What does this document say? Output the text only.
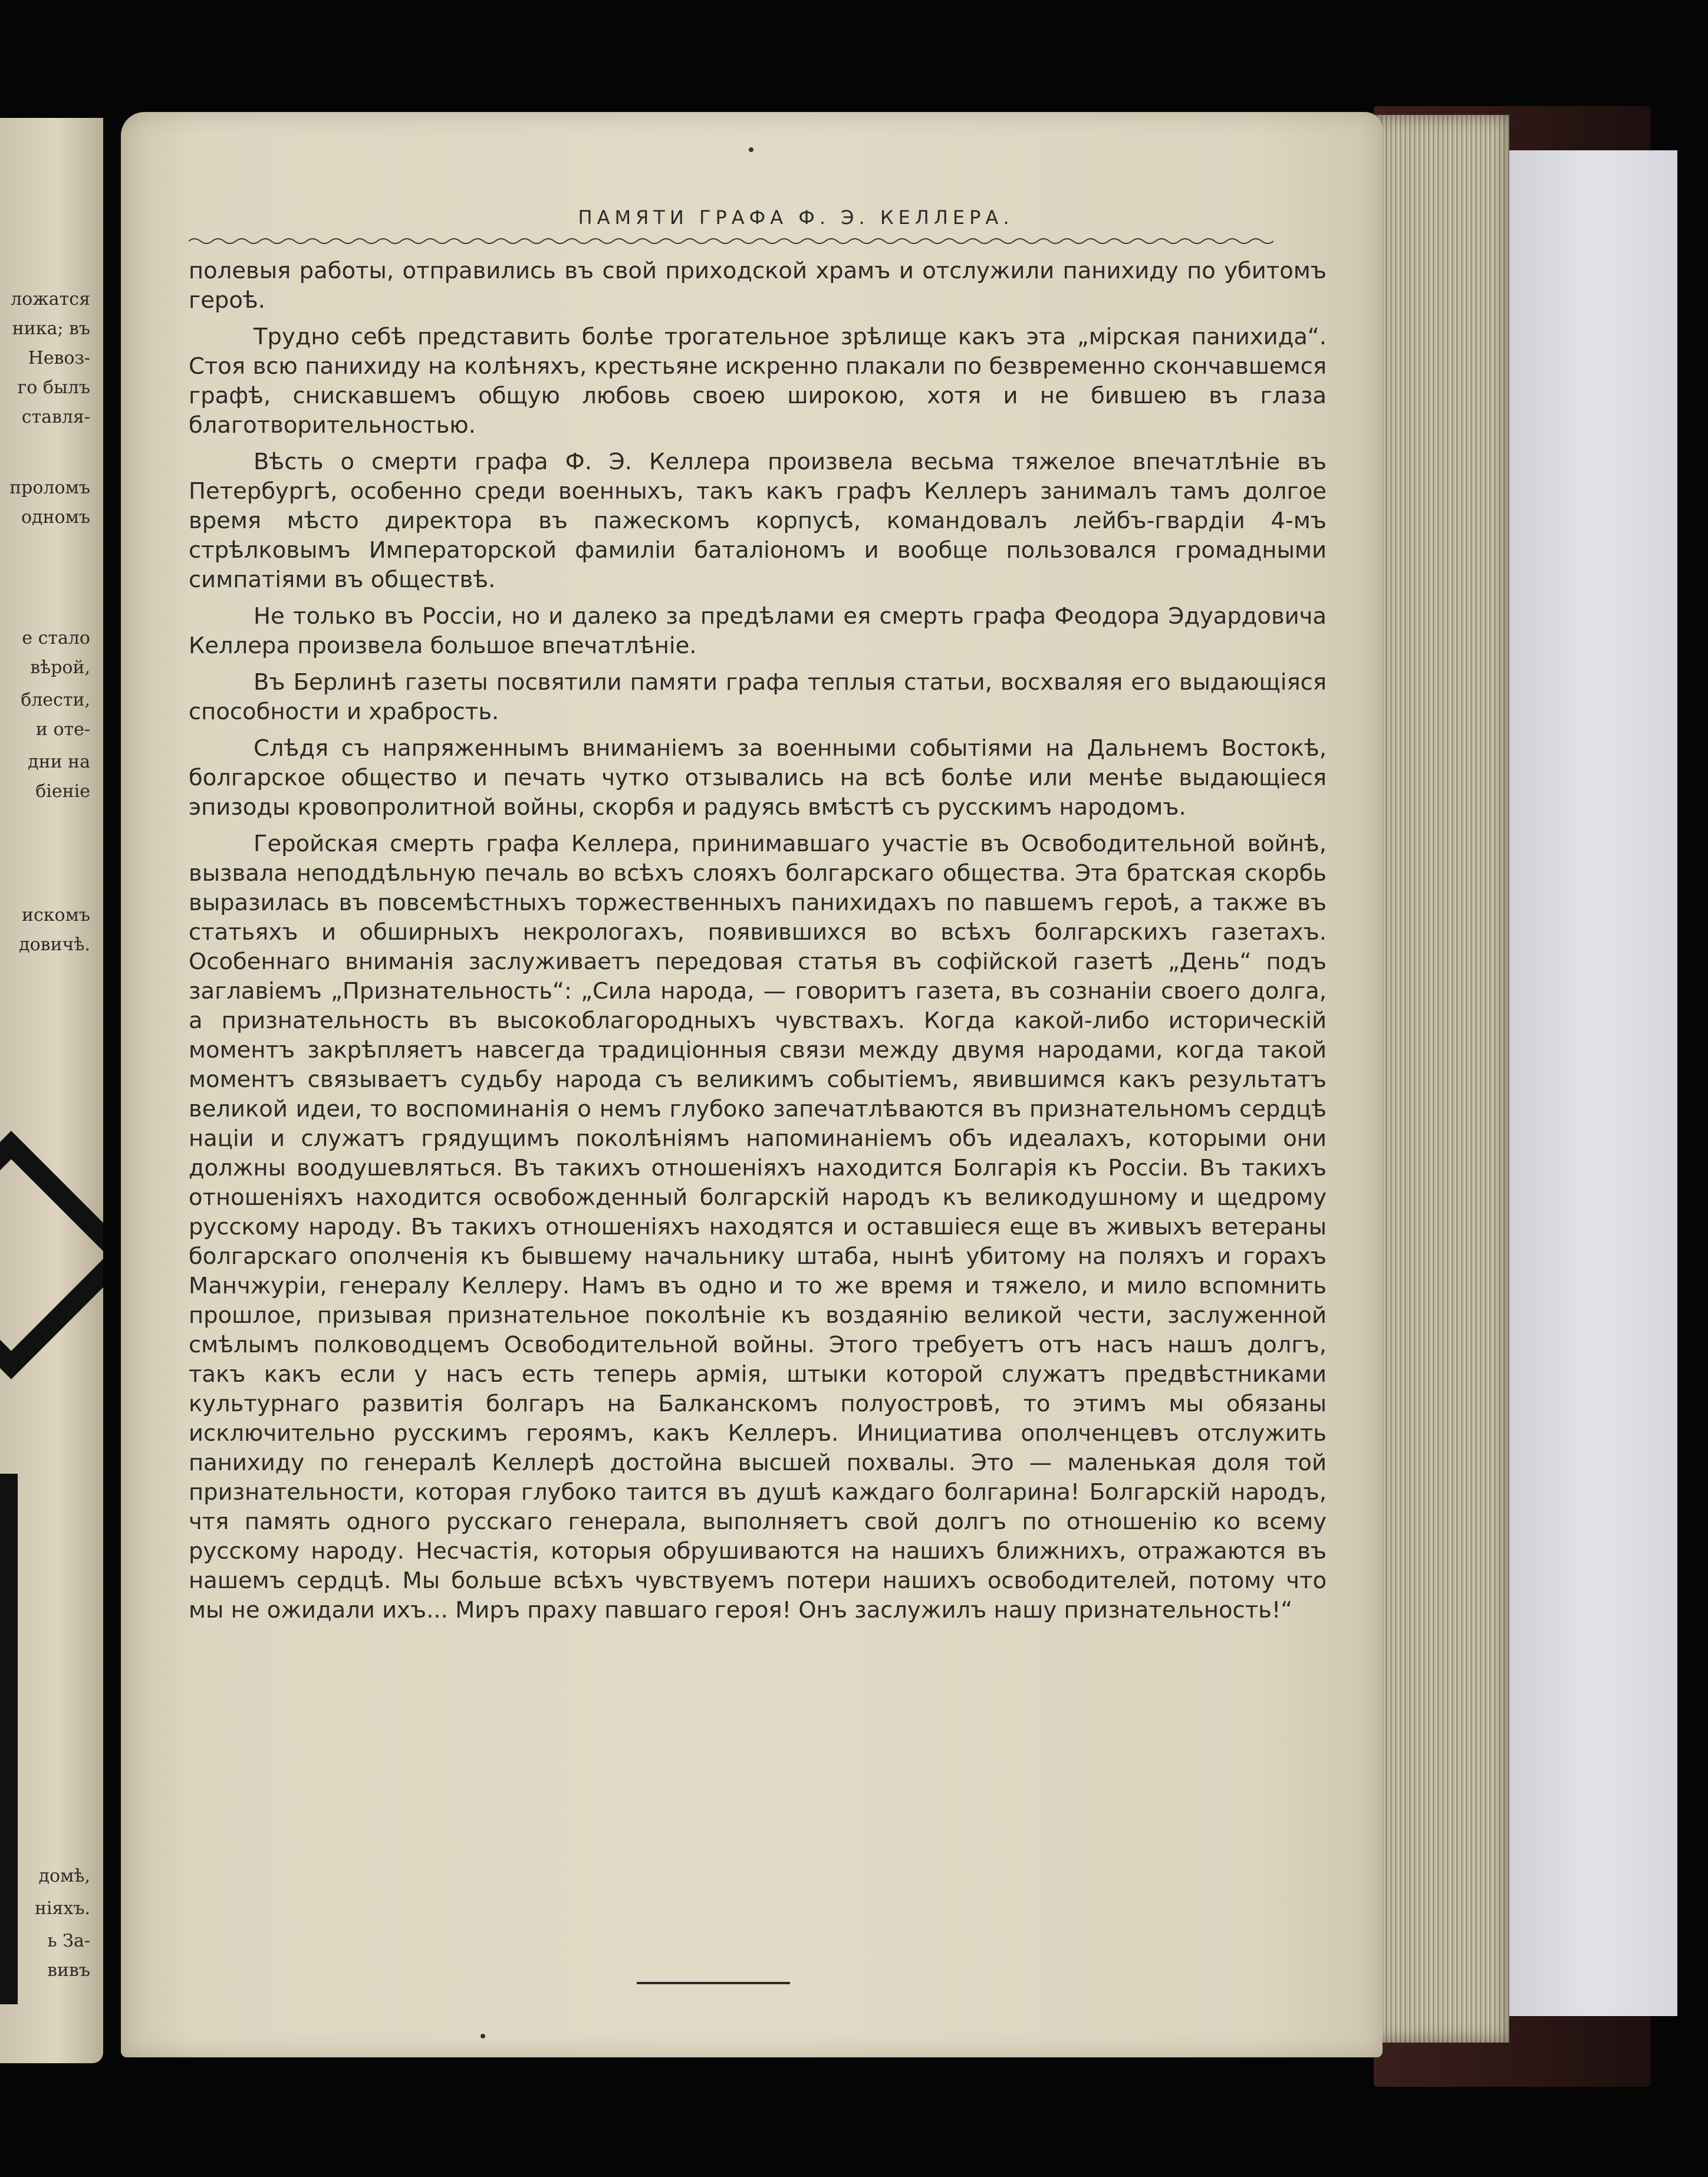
ложатся
ника; въ
Невоз-
го былъ
ставля-
проломъ
одномъ
е стало
вѣрой,
блести,
и оте-
дни на
біеніе
искомъ
довичѣ.
домѣ,
ніяхъ.
ь За-
вивъ
ПАМЯТИ ГРАФА Ф. Э. КЕЛЛЕРА.

полевыя работы, отправились въ свой приходской храмъ и отслужили панихиду по убитомъ героѣ.

Трудно себѣ представить болѣе трогательное зрѣлище какъ эта „мірская панихида“. Стоя всю панихиду на колѣняхъ, крестьяне искренно плакали по безвременно скончавшемся графѣ, снискавшемъ общую любовь своею широкою, хотя и не бившею въ глаза благотворительностью.

Вѣсть о смерти графа Ф. Э. Келлера произвела весьма тяжелое впечатлѣніе въ Петербургѣ, особенно среди военныхъ, такъ какъ графъ Келлеръ занималъ тамъ долгое время мѣсто директора въ пажескомъ корпусѣ, командовалъ лейбъ-гвардіи 4-мъ стрѣлковымъ Императорской фамиліи баталіономъ и вообще пользовался громадными симпатіями въ обществѣ.

Не только въ Россіи, но и далеко за предѣлами ея смерть графа Феодора Эдуардовича Келлера произвела большое впечатлѣніе.

Въ Берлинѣ газеты посвятили памяти графа теплыя статьи, восхваляя его выдающіяся способности и храбрость.

Слѣдя съ напряженнымъ вниманіемъ за военными событіями на Дальнемъ Востокѣ, болгарское общество и печать чутко отзывались на всѣ болѣе или менѣе выдающіеся эпизоды кровопролитной войны, скорбя и радуясь вмѣстѣ съ русскимъ народомъ.

Геройская смерть графа Келлера, принимавшаго участіе въ Освободительной войнѣ, вызвала неподдѣльную печаль во всѣхъ слояхъ болгарскаго общества. Эта братская скорбь выразилась въ повсемѣстныхъ торжественныхъ панихидахъ по павшемъ героѣ, а также въ статьяхъ и обширныхъ некрологахъ, появившихся во всѣхъ болгарскихъ газетахъ. Особеннаго вниманія заслуживаетъ передовая статья въ софійской газетѣ „День“ подъ заглавіемъ „Признательность“: „Сила народа, — говоритъ газета, въ сознаніи своего долга, а признательность въ высокоблагородныхъ чувствахъ. Когда какой-либо историческій моментъ закрѣпляетъ навсегда традиціонныя связи между двумя народами, когда такой моментъ связываетъ судьбу народа съ великимъ событіемъ, явившимся какъ результатъ великой идеи, то воспоминанія о немъ глубоко запечатлѣваются въ признательномъ сердцѣ націи и служатъ грядущимъ поколѣніямъ напоминаніемъ объ идеалахъ, которыми они должны воодушевляться. Въ такихъ отношеніяхъ находится Болгарія къ Россіи. Въ такихъ отношеніяхъ находится освобожденный болгарскій народъ къ великодушному и щедрому русскому народу. Въ такихъ отношеніяхъ находятся и оставшіеся еще въ живыхъ ветераны болгарскаго ополченія къ бывшему начальнику штаба, нынѣ убитому на поляхъ и горахъ Манчжуріи, генералу Келлеру. Намъ въ одно и то же время и тяжело, и мило вспомнить прошлое, призывая признательное поколѣніе къ воздаянію великой чести, заслуженной смѣлымъ полководцемъ Освободительной войны. Этого требуетъ отъ насъ нашъ долгъ, такъ какъ если у насъ есть теперь армія, штыки которой служатъ предвѣстниками культурнаго развитія болгаръ на Балканскомъ полуостровѣ, то этимъ мы обязаны исключительно русскимъ героямъ, какъ Келлеръ. Инициатива ополченцевъ отслужить панихиду по генералѣ Келлерѣ достойна высшей похвалы. Это — маленькая доля той признательности, которая глубоко таится въ душѣ каждаго болгарина! Болгарскій народъ, чтя память одного русскаго генерала, выполняетъ свой долгъ по отношенію ко всему русскому народу. Несчастія, которыя обрушиваются на нашихъ ближнихъ, отражаются въ нашемъ сердцѣ. Мы больше всѣхъ чувствуемъ потери нашихъ освободителей, потому что мы не ожидали ихъ... Миръ праху павшаго героя! Онъ заслужилъ нашу признательность!“
